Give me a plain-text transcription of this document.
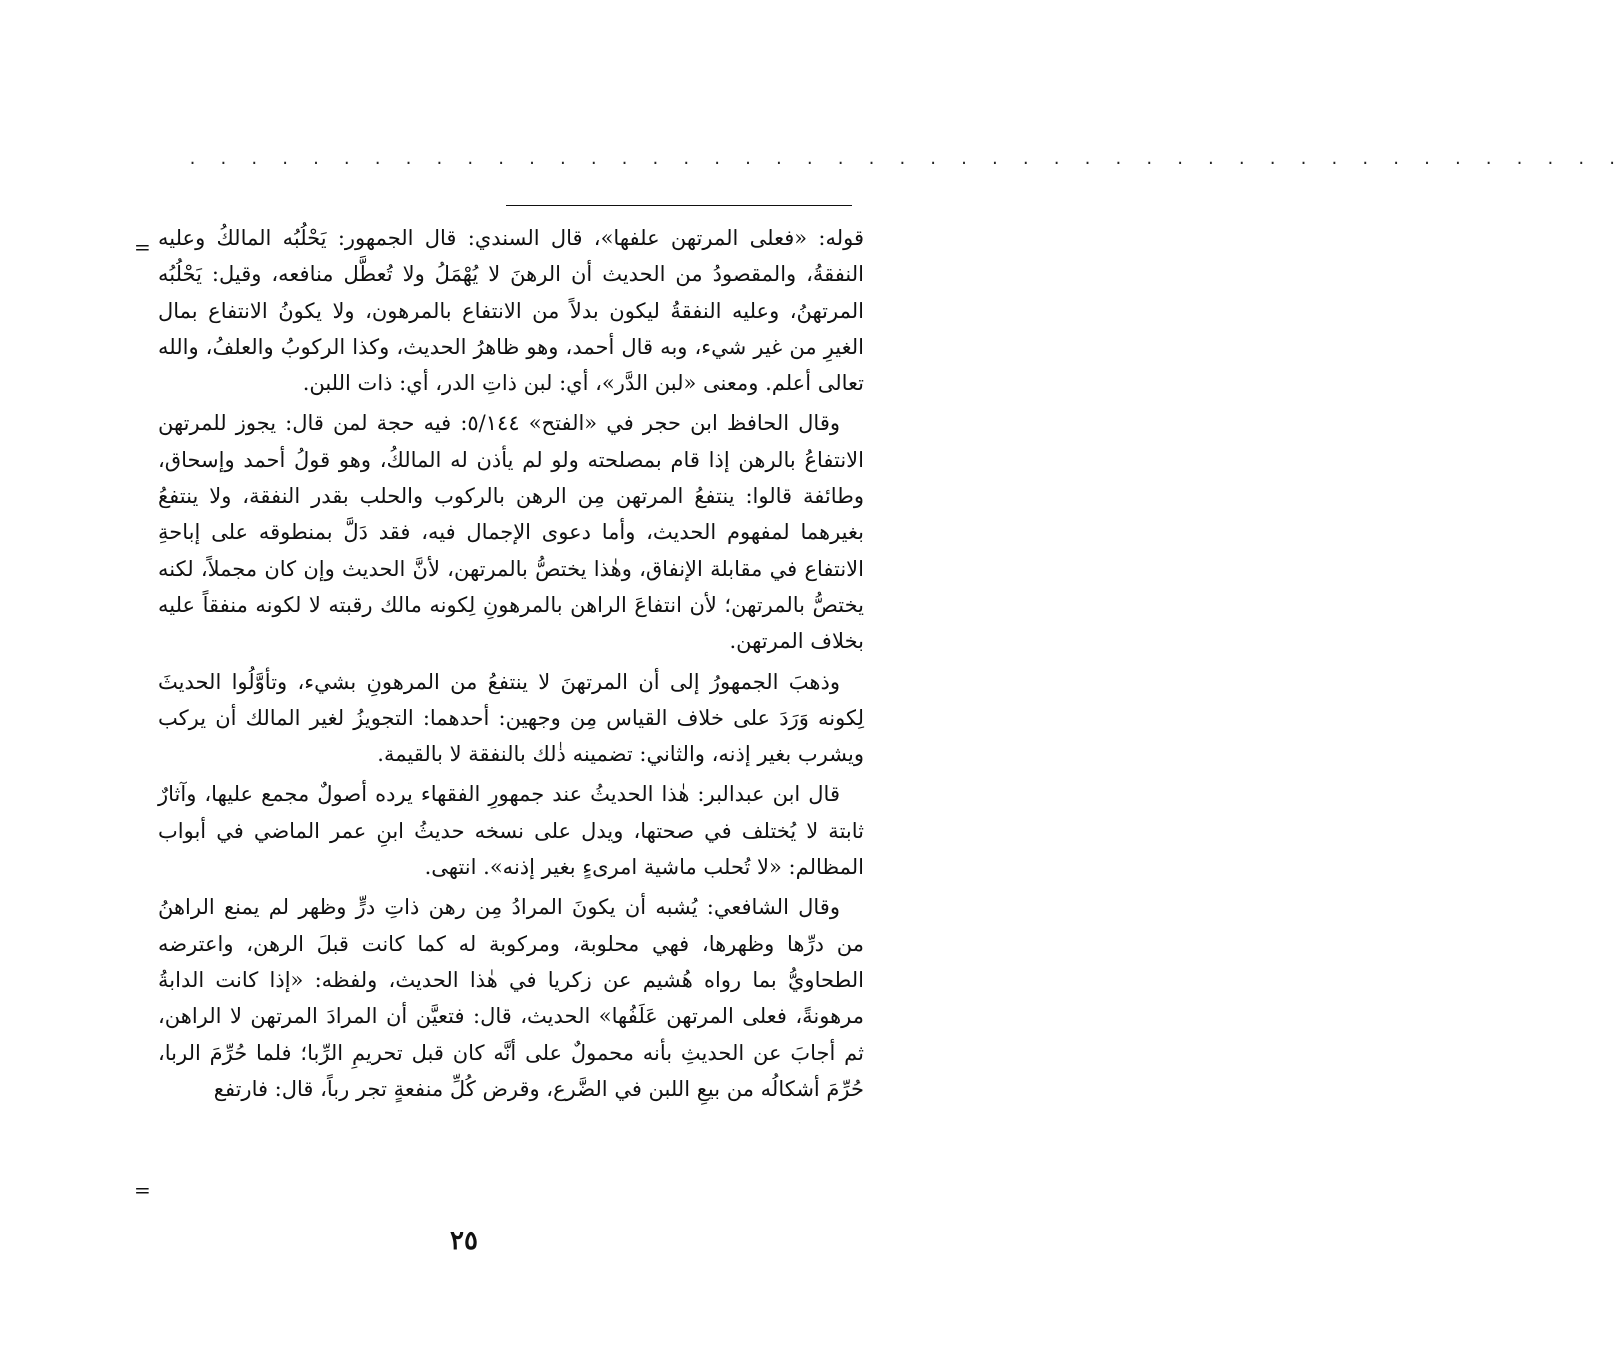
. . . . . . . . . . . . . . . . . . . . . . . . . . . . . . . . . . . . . . . . . . . . . . .
= قوله: «فعلى المرتهن علفها»، قال السندي: قال الجمهور: يَحْلُبُه المالكُ وعليه النفقةُ، والمقصودُ من الحديث أن الرهنَ لا يُهْمَلُ ولا تُعطَّل منافعه، وقيل: يَحْلُبُه المرتهنُ، وعليه النفقةُ ليكون بدلاً من الانتفاع بالمرهون، ولا يكونُ الانتفاع بمال الغيرِ من غير شيء، وبه قال أحمد، وهو ظاهرُ الحديث، وكذا الركوبُ والعلفُ، والله تعالى أعلم. ومعنى «لبن الدَّر»، أي: لبن ذاتِ الدر، أي: ذات اللبن.

وقال الحافظ ابن حجر في «الفتح» ٥/١٤٤: فيه حجة لمن قال: يجوز للمرتهن الانتفاعُ بالرهن إذا قام بمصلحته ولو لم يأذن له المالكُ، وهو قولُ أحمد وإسحاق، وطائفة قالوا: ينتفعُ المرتهن مِن الرهن بالركوب والحلب بقدر النفقة، ولا ينتفعُ بغيرهما لمفهوم الحديث، وأما دعوى الإجمال فيه، فقد دَلَّ بمنطوقه على إباحةِ الانتفاع في مقابلة الإنفاق، وهٰذا يختصُّ بالمرتهن، لأنَّ الحديث وإن كان مجملاً، لكنه يختصُّ بالمرتهن؛ لأن انتفاعَ الراهن بالمرهونِ لِكونه مالك رقبته لا لكونه منفقاً عليه بخلاف المرتهن.

وذهبَ الجمهورُ إلى أن المرتهنَ لا ينتفعُ من المرهونِ بشيء، وتأوَّلُوا الحديثَ لِكونه وَرَدَ على خلاف القياس مِن وجهين: أحدهما: التجويزُ لغير المالك أن يركب ويشرب بغير إذنه، والثاني: تضمينه ذٰلك بالنفقة لا بالقيمة.

قال ابن عبدالبر: هٰذا الحديثُ عند جمهورِ الفقهاء يرده أصولٌ مجمع عليها، وآثارٌ ثابتة لا يُختلف في صحتها، ويدل على نسخه حديثُ ابنِ عمر الماضي في أبواب المظالم: «لا تُحلب ماشية امرىءٍ بغير إذنه». انتهى.

وقال الشافعي: يُشبه أن يكونَ المرادُ مِن رهن ذاتِ درٍّ وظهر لم يمنع الراهنُ من درِّها وظهرها، فهي محلوبة، ومركوبة له كما كانت قبلَ الرهن، واعترضه الطحاويُّ بما رواه هُشيم عن زكريا في هٰذا الحديث، ولفظه: «إذا كانت الدابةُ مرهونةً، فعلى المرتهن عَلَفُها» الحديث، قال: فتعيَّن أن المرادَ المرتهن لا الراهن، ثم أجابَ عن الحديثِ بأنه محمولٌ على أنَّه كان قبل تحريمِ الرِّبا؛ فلما حُرِّمَ الربا، حُرِّمَ أشكالُه من بيعِ اللبن في الضَّرع، وقرض كُلِّ منفعةٍ تجر رباً، قال: فارتفع

=
٢٥
